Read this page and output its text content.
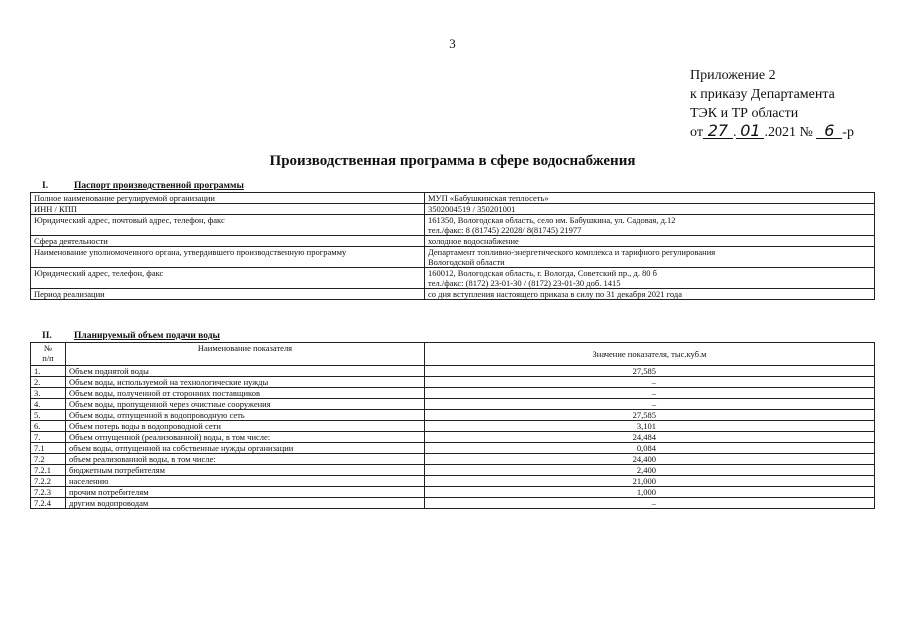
3
Приложение 2
к приказу Департамента
ТЭК и ТР области
от 27 . 01 .2021 № 6 -р
Производственная программа в сфере водоснабжения
I.	Паспорт производственной программы
Полное наименование регулируемой организации	МУП «Бабушкинская теплосеть»
ИНН / КПП	3502004519 / 350201001
Юридический адрес, почтовый адрес, телефон, факс	161350, Вологодская область, село им. Бабушкина, ул. Садовая, д.12
тел./факс: 8 (81745) 22028/ 8(81745) 21977

Сфера деятельности	холодное водоснабжение
Наименование уполномоченного органа, утвердившего производственную программу	Департамент топливно-энергетического комплекса и тарифного регулирования
Вологодской области

Юридический адрес, телефон, факс	160012, Вологодская область, г. Вологда, Советский пр., д. 80 б
тел./факс: (8172) 23-01-30 / (8172) 23-01-30 доб. 1415

Период реализации	со дня вступления настоящего приказа в силу по 31 декабря 2021 года
II. Планируемый объем подачи воды
№
п/п	Наименование показателя	Значение показателя, тыс.куб.м
1.	Объем поднятой воды	27,585
2.	Объем воды, используемой на технологические нужды	–
3.	Объем воды, полученной от сторонних поставщиков	–
4.	Объем воды, пропущенной через очистные сооружения	–
5.	Объем воды, отпущенной в водопроводную сеть	27,585
6.	Объем потерь воды в водопроводной сети	3,101
7.	Объем отпущенной (реализованной) воды, в том числе:	24,484
7.1	объем воды, отпущенной на собственные нужды организации	0,084
7.2	объем реализованной воды, в том числе:	24,400
7.2.1	бюджетным потребителям	2,400
7.2.2	населению	21,000
7.2.3	прочим потребителям	1,000
7.2.4	другим водопроводам	–
